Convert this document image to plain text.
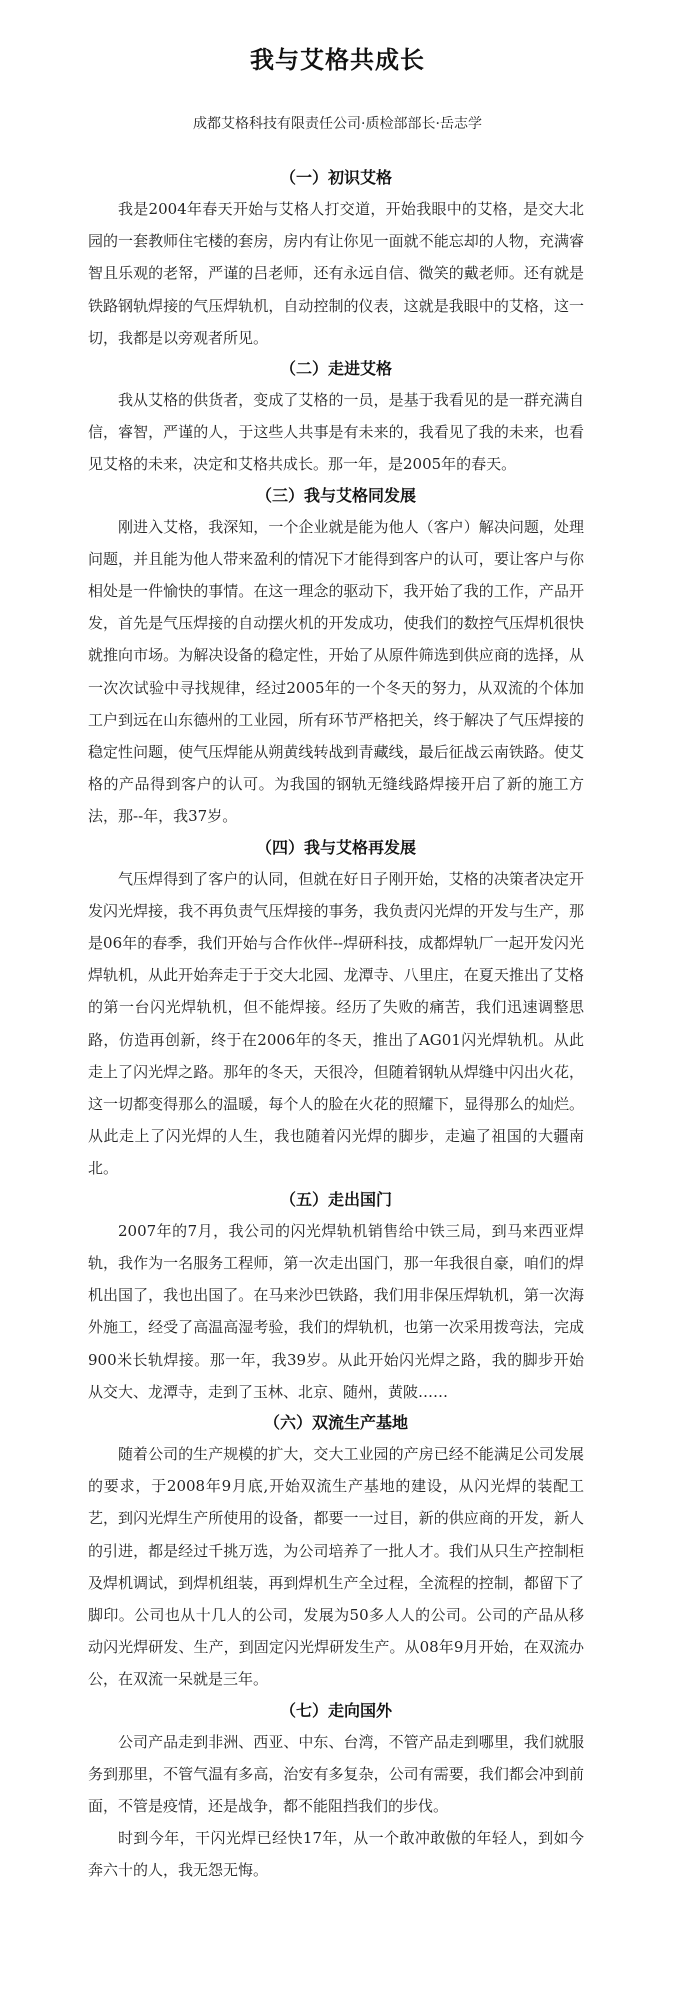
我与艾格共成长
成都艾格科技有限责任公司·质检部部长·岳志学
（一）初识艾格

我是2004年春天开始与艾格人打交道，开始我眼中的艾格，是交大北园的一套教师住宅楼的套房，房内有让你见一面就不能忘却的人物，充满睿智且乐观的老帑，严谨的吕老师，还有永远自信、微笑的戴老师。还有就是铁路钢轨焊接的气压焊轨机，自动控制的仪表，这就是我眼中的艾格，这一切，我都是以旁观者所见。

（二）走进艾格

我从艾格的供货者，变成了艾格的一员，是基于我看见的是一群充满自信，睿智，严谨的人，于这些人共事是有未来的，我看见了我的未来，也看见艾格的未来，决定和艾格共成长。那一年，是2005年的春天。

（三）我与艾格同发展

刚进入艾格，我深知，一个企业就是能为他人（客户）解决问题，处理问题，并且能为他人带来盈利的情况下才能得到客户的认可，要让客户与你相处是一件愉快的事情。在这一理念的驱动下，我开始了我的工作，产品开发，首先是气压焊接的自动摆火机的开发成功，使我们的数控气压焊机很快就推向市场。为解决设备的稳定性，开始了从原件筛选到供应商的选择，从一次次试验中寻找规律，经过2005年的一个冬天的努力，从双流的个体加工户到远在山东德州的工业园，所有环节严格把关，终于解决了气压焊接的稳定性问题，使气压焊能从朔黄线转战到青藏线，最后征战云南铁路。使艾格的产品得到客户的认可。为我国的钢轨无缝线路焊接开启了新的施工方法，那--年，我37岁。

（四）我与艾格再发展

气压焊得到了客户的认同，但就在好日子刚开始，艾格的决策者决定开发闪光焊接，我不再负责气压焊接的事务，我负责闪光焊的开发与生产，那是06年的春季，我们开始与合作伙伴--焊研科技，成都焊轨厂一起开发闪光焊轨机，从此开始奔走于于交大北园、龙潭寺、八里庄，在夏天推出了艾格的第一台闪光焊轨机，但不能焊接。经历了失败的痛苦，我们迅速调整思路，仿造再创新，终于在2006年的冬天，推出了AG01闪光焊轨机。从此走上了闪光焊之路。那年的冬天，天很冷，但随着钢轨从焊缝中闪出火花，这一切都变得那么的温暖，每个人的脸在火花的照耀下，显得那么的灿烂。从此走上了闪光焊的人生，我也随着闪光焊的脚步，走遍了祖国的大疆南北。

（五）走出国门

2007年的7月，我公司的闪光焊轨机销售给中铁三局，到马来西亚焊轨，我作为一名服务工程师，第一次走出国门，那一年我很自豪，咱们的焊机出国了，我也出国了。在马来沙巴铁路，我们用非保压焊轨机，第一次海外施工，经受了高温高湿考验，我们的焊轨机，也第一次采用拨弯法，完成900米长轨焊接。那一年，我39岁。从此开始闪光焊之路，我的脚步开始从交大、龙潭寺，走到了玉林、北京、随州，黄陂……

（六）双流生产基地

随着公司的生产规模的扩大，交大工业园的产房已经不能满足公司发展的要求，于2008年9月底,开始双流生产基地的建设，从闪光焊的装配工艺，到闪光焊生产所使用的设备，都要一一过目，新的供应商的开发，新人的引进，都是经过千挑万选，为公司培养了一批人才。我们从只生产控制柜及焊机调试，到焊机组装，再到焊机生产全过程，全流程的控制，都留下了脚印。公司也从十几人的公司，发展为50多人人的公司。公司的产品从移动闪光焊研发、生产，到固定闪光焊研发生产。从08年9月开始，在双流办公，在双流一呆就是三年。

（七）走向国外

公司产品走到非洲、西亚、中东、台湾，不管产品走到哪里，我们就服务到那里，不管气温有多高，治安有多复杂，公司有需要，我们都会冲到前面，不管是疫情，还是战争，都不能阻挡我们的步伐。

时到今年，干闪光焊已经快17年，从一个敢冲敢傲的年轻人，到如今奔六十的人，我无怨无悔。
